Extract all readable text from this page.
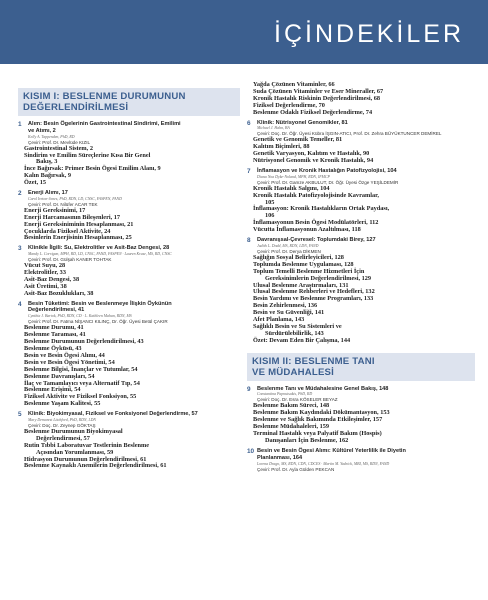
İÇİNDEKİLER
KISIM I: BESLENME DURUMUNUN
DEĞERLENDİRİLMESİ
1 Alım: Besin Ögelerinin Gastrointestinal Sindirimi, Emilimi
ve Atımı, 2
Kelly A. Tappenden, PhD, RD
Çeviri: Prof. Dr. Mevlüde KIZIL
Gastrointestinal Sistem, 2
Sindirim ve Emilim Süreçlerine Kısa Bir Genel
Bakış, 3
İnce Bağırsak: Primer Besin Ögesi Emilim Alanı, 9
Kalın Bağırsak, 9
Özet, 15
2 Enerji Alımı, 17
Carol Ireton-Jones, PhD, RDN, LD, CNSC, FASPEN, FAND
Çeviri: Prof. Dr. Nilüfer ACAR TEK
Enerji Gereksinimi, 17
Enerji Harcamasının Bileşenleri, 17
Enerji Gereksiniminin Hesaplanması, 21
Çocuklarda Fiziksel Aktivite, 24
Besinlerin Enerjisinin Hesaplanması, 25
3 Klinikle İlgili: Su, Elektrolitler ve Asit-Baz Dengesi, 28
Mandy L. Corrigan, MPH, RD, LD, CNSC, FAND, FASPEN · Lauren Kruse, MS, RD, CNSC
Çeviri: Prof. Dr. Gülşah KANER TOHTAK
Vücut Suyu, 28
Elektrolitler, 33
Asit-Baz Dengesi, 38
Asit Üretimi, 38
Asit-Baz Bozuklukları, 38
4 Besin Tüketimi: Besin ve Beslenmeye İlişkin Öykünün
Değerlendirilmesi, 41
Cynthia J. Bartok, PhD, RDN, CD · L. Kathleen Mahan, RDN, MS
Çeviri: Prof. Dr. Fatma NİŞANCI KILINÇ, Dr. Öğr. Üyesi Betül ÇAKIR
Beslenme Durumu, 41
Beslenme Taraması, 41
Beslenme Durumunun Değerlendirilmesi, 43
Beslenme Öyküsü, 43
Besin ve Besin Ögesi Alımı, 44
Besin ve Besin Ögesi Yönetimi, 54
Beslenme Bilgisi, İnançlar ve Tutumlar, 54
Beslenme Davranışları, 54
İlaç ve Tamamlayıcı veya Alternatif Tıp, 54
Beslenme Erişimi, 54
Fiziksel Aktivite ve Fiziksel Fonksiyon, 55
Beslenme Yaşam Kalitesi, 55
5 Klinik: Biyokimyasal, Fiziksel ve Fonksiyonel Değerlendirme, 57
Mary Demarest Litchford, PhD, RDN, LDN
Çeviri: Doç. Dr. Zeynep GÖKTAŞ
Beslenme Durumunun Biyokimyasal
Değerlendirmesi, 57
Rutin Tıbbi Laboratuvar Testlerinin Beslenme
Açısından Yorumlanması, 59
Hidrasyon Durumunun Değerlendirilmesi, 61
Beslenme Kaynaklı Anemilerin Değerlendirilmesi, 61
Yağda Çözünen Vitaminler, 66
Suda Çözünen Vitaminler ve Eser Mineraller, 67
Kronik Hastalık Riskinin Değerlendirilmesi, 68
Fiziksel Değerlendirme, 70
Beslenme Odaklı Fiziksel Değerlendirme, 74
6 Klinik: Nütrisyonel Genomikler, 81
Michael J. Hahn, BA
Çeviri: Doç. Dr. Öğr. Üyesi Kübra İŞGIN-ATICI, Prof. Dr. Zehra BÜYÜKTUNCER DEMİREL
Genetik ve Genomik Temeller, 81
Kalıtım Biçimleri, 88
Genetik Varyasyon, Kalıtım ve Hastalık, 90
Nütrisyonel Genomik ve Kronik Hastalık, 94
7 İnflamasyon ve Kronik Hastalığın Patofizyolojisi, 104
Diana Noa Dyke-Noland, MPH, RDN, IFMCP
Çeviri: Prof. Dr. Gamze AKBULUT, Dr. Öğr. Üyesi Özge YEŞİLDEMİR
Kronik Hastalık Salgını, 104
Kronik Hastalık Patofizyolojisinde Kavramlar,
105
İnflamasyon: Kronik Hastalıkların Ortak Paydası,
106
İnflamasyonun Besin Ögesi Modülatörleri, 112
Vücutta İnflamasyonun Azaltılması, 118
8 Davranışsal-Çevresel: Toplumdaki Birey, 127
Judith L. Dodd, MS, RDN, LDN, FAND
Çeviri: Prof. Dr. Derya DİKMEN
Sağlığın Sosyal Belirleyicileri, 128
Toplumda Beslenme Uygulaması, 128
Toplum Temelli Beslenme Hizmetleri İçin
Gereksinimlerin Değerlendirilmesi, 129
Ulusal Beslenme Araştırmaları, 131
Ulusal Beslenme Rehberleri ve Hedefleri, 132
Besin Yardımı ve Beslenme Programları, 133
Besin Zehirlenmesi, 136
Besin ve Su Güvenliği, 141
Afet Planlama, 143
Sağlıklı Besin ve Su Sistemleri ve
Sürdürülebilirlik, 143
Özet: Devam Eden Bir Çalışma, 144
KISIM II: BESLENME TANI
VE MÜDAHALESİ
9 Beslenme Tanı ve Müdahalesine Genel Bakış, 148
Constantina Papoutsakis, PhD, RD
Çeviri: Doç. Dr. Esra KÖSELER BEYAZ
Beslenme Bakım Süreci, 148
Beslenme Bakım Kaydındaki Dökümantasyon, 153
Beslenme ve Sağlık Bakımında Etkileşimler, 157
Beslenme Müdahaleleri, 159
Terminal Hastalık veya Palyatif Bakım (Hospis)
Danışanları İçin Beslenme, 162
10 Besin ve Besin Ögesi Alımı: Kültürel Yeterlilik ile Diyetin
Planlanması, 164
Lorena Drago, MS, RDN, CDN, CDCES · Martin M. Yadrick, MBI, MS, RDN, FAND
Çeviri: Prof. Dr. Ayla Gülden PEKCAN
